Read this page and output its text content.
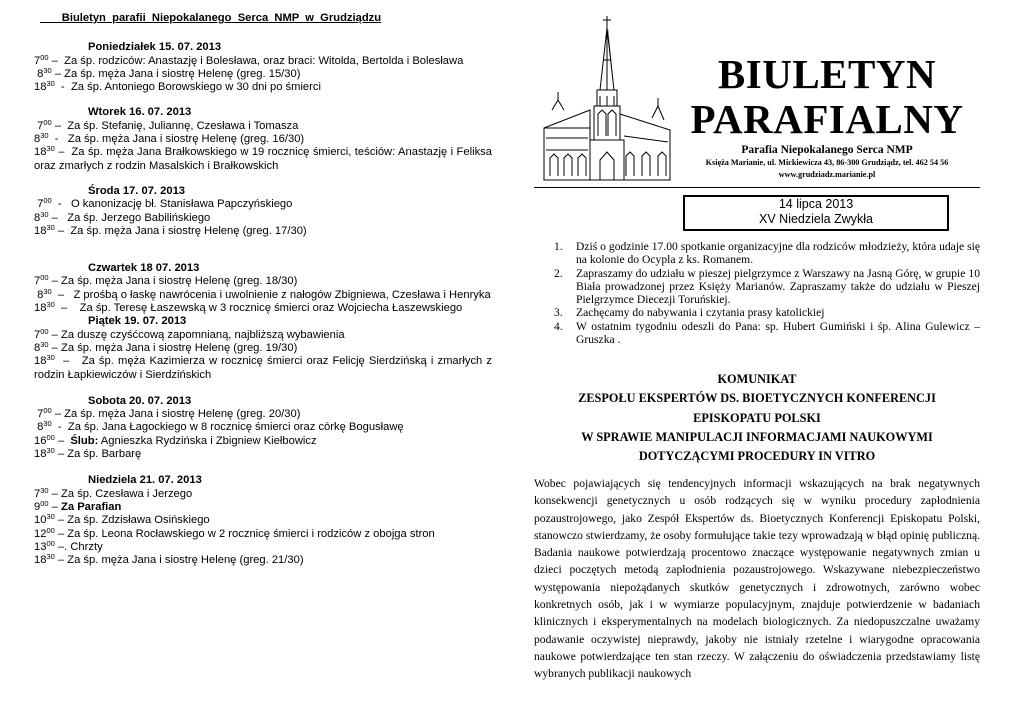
Biuletyn  parafii  Niepokalanego  Serca  NMP  w  Grudziądzu
Poniedziałek 15. 07. 2013
$7^{00}$ –  Za śp. rodziców: Anastazję i Bolesława, oraz braci: Witolda, Bertolda i Bolesława
$8^{30}$ – Za śp. męża Jana i siostrę Helenę (greg. 15/30)
$18^{30}$  -  Za śp. Antoniego Borowskiego w 30 dni po śmierci
Wtorek 16. 07. 2013
$7^{00}$ –  Za śp. Stefanię, Juliannę, Czesława i Tomasza
$8^{30}$  -   Za śp. męża Jana i siostrę Helenę (greg. 16/30)
$18^{30}$ –  Za śp. męża Jana Brałkowskiego w 19 rocznicę śmierci, teściów: Anastazję i Feliksa oraz zmarłych z rodzin Masalskich i Brałkowskich
Środa 17. 07. 2013
$7^{00}$  -   O kanonizację bł. Stanisława Papczyńskiego
$8^{30}$ –   Za śp. Jerzego Babilińskiego
$18^{30}$ –  Za śp. męża Jana i siostrę Helenę (greg. 17/30)
Czwartek 18 07. 2013
$7^{00}$ – Za śp. męża Jana i siostrę Helenę (greg. 18/30)
$8^{30}$  –   Z prośbą o łaskę nawrócenia i uwolnienie z nałogów Zbigniewa, Czesława i Henryka
$18^{30}$  –    Za śp. Teresę Łaszewską w 3 rocznicę śmierci oraz Wojciecha Łaszewskiego
Piątek 19. 07. 2013
$7^{00}$ – Za duszę czyśćcową zapomnianą, najbliższą wybawienia
$8^{30}$ – Za śp. męża Jana i siostrę Helenę (greg. 19/30)
$18^{30}$  –   Za śp. męża Kazimierza w rocznicę śmierci oraz Felicję Sierdzińską i zmarłych z rodzin Łapkiewiczów i Sierdzińskich
Sobota 20. 07. 2013
$7^{00}$ – Za śp. męża Jana i siostrę Helenę (greg. 20/30)
$8^{30}$  -  Za śp. Jana Łagockiego w 8 rocznicę śmierci oraz córkę Bogusławę
$16^{00}$ –  Ślub: Agnieszka Rydzińska i Zbigniew Kiełbowicz
$18^{30}$ – Za śp. Barbarę
Niedziela 21. 07. 2013
$7^{30}$ – Za śp. Czesława i Jerzego
$9^{00}$ – Za Parafian
$10^{30}$ – Za śp. Zdzisława Osińskiego
$12^{00}$ – Za śp. Leona Rocławskiego w 2 rocznicę śmierci i rodziców z obojga stron
$13^{00}$ –. Chrzty
$18^{30}$ – Za śp. męża Jana i siostrę Helenę (greg. 21/30)
BIULETYN
PARAFIALNY
Parafia Niepokalanego Serca NMP
Księża Marianie, ul. Mickiewicza 43, 86-300 Grudziądz, tel. 462 54 56
www.grudziadz.marianie.pl
14 lipca 2013
XV Niedziela Zwykła
1. Dziś o godzinie 17.00 spotkanie organizacyjne dla rodziców młodzieży, która udaje się na kolonie do Ocypla z ks. Romanem.
2. Zapraszamy do udziału w pieszej pielgrzymce z Warszawy na Jasną Górę, w grupie 10 Biała prowadzonej przez Księży Marianów. Zapraszamy także do udziału w Pieszej Pielgrzymce Diecezji Toruńskiej.
3. Zachęcamy do nabywania i czytania prasy katolickiej
4. W ostatnim tygodniu odeszli do Pana: sp. Hubert Gumiński i śp. Alina Gulewicz – Gruszka .
KOMUNIKAT
ZESPOŁU EKSPERTÓW DS. BIOETYCZNYCH KONFERENCJI
EPISKOPATU POLSKI
W SPRAWIE MANIPULACJI INFORMACJAMI NAUKOWYMI
DOTYCZĄCYMI PROCEDURY IN VITRO
Wobec pojawiających się tendencyjnych informacji wskazujących na brak negatywnych konsekwencji genetycznych u osób rodzących się w wyniku procedury zapłodnienia pozaustrojowego, jako Zespół Ekspertów ds. Bioetycznych Konferencji Episkopatu Polski, stanowczo stwierdzamy, że osoby formułujące takie tezy wprowadzają w błąd opinię publiczną. Badania naukowe potwierdzają procentowo znaczące występowanie negatywnych zmian u dzieci poczętych metodą zapłodnienia pozaustrojowego. Wskazywane niebezpieczeństwo występowania niepożądanych skutków genetycznych i zdrowotnych, zarówno wobec konkretnych osób, jak i w wymiarze populacyjnym, znajduje potwierdzenie w badaniach klinicznych i eksperymentalnych na modelach biologicznych. Za niedopuszczalne uważamy podawanie oczywistej nieprawdy, jakoby nie istniały rzetelne i wiarygodne opracowania naukowe potwierdzające ten stan rzeczy. W załączeniu do oświadczenia przedstawiamy listę wybranych publikacji naukowych
